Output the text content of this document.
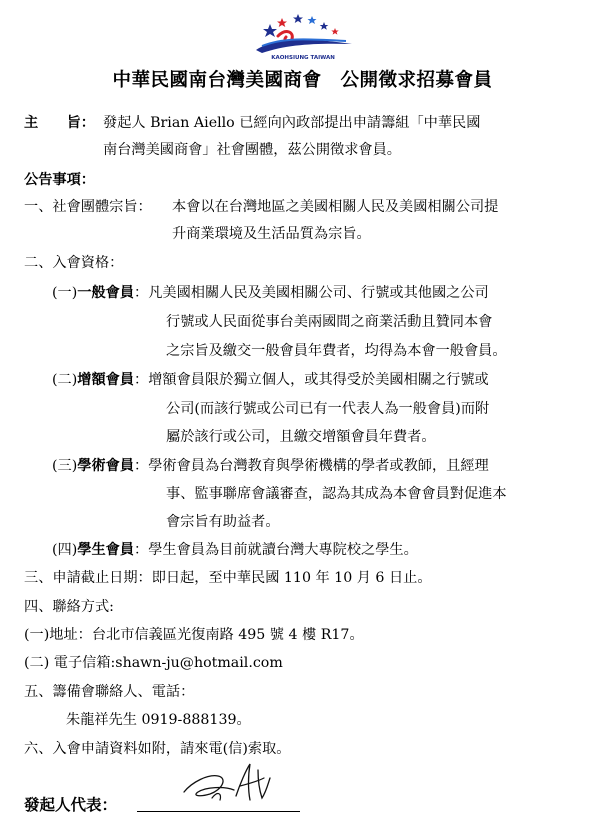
KAOHSIUNG TAIWAN
中華民國南台灣美國商會　公開徵求招募會員
主　　旨： 發起人 Brian Aiello 已經向內政部提出申請籌組「中華民國
南台灣美國商會」社會團體，茲公開徵求會員。
公告事項：
一、社會團體宗旨： 本會以在台灣地區之美國相關人民及美國相關公司提
升商業環境及生活品質為宗旨。
二、入會資格：
(一)一般會員：凡美國相關人民及美國相關公司、行號或其他國之公司
行號或人民面從事台美兩國間之商業活動且贊同本會
之宗旨及繳交一般會員年費者，均得為本會一般會員。
(二)增額會員：增額會員限於獨立個人，或其得受於美國相關之行號或
公司(而該行號或公司已有一代表人為一般會員)而附
屬於該行或公司，且繳交增額會員年費者。
(三)學術會員：學術會員為台灣教育與學術機構的學者或教師，且經理
事、監事聯席會議審查，認為其成為本會會員對促進本
會宗旨有助益者。
(四)學生會員：學生會員為目前就讀台灣大專院校之學生。
三、申請截止日期：即日起，至中華民國 110 年 10 月 6 日止。
四、聯絡方式:
(一)地址：台北市信義區光復南路 495 號 4 樓 R17。
(二) 電子信箱:shawn-ju@hotmail.com
五、籌備會聯絡人、電話：
朱龍祥先生 0919-888139。
六、入會申請資料如附，請來電(信)索取。
發起人代表：
